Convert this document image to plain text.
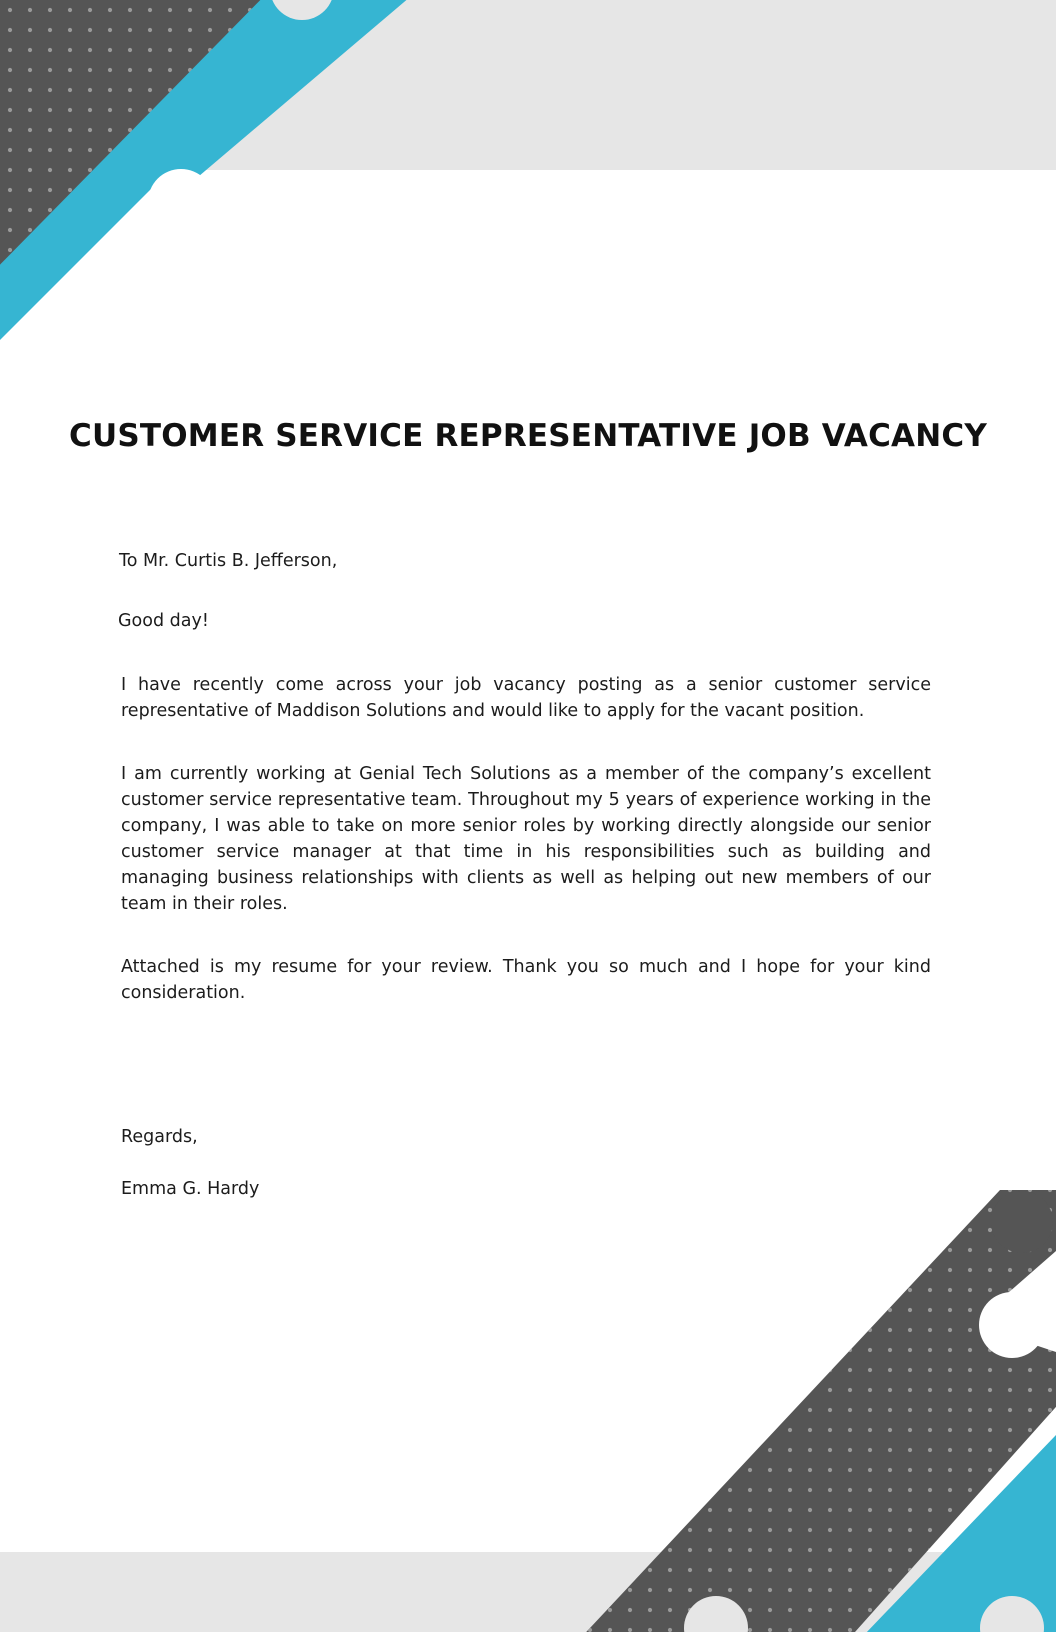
CUSTOMER SERVICE REPRESENTATIVE JOB VACANCY

To Mr. Curtis B. Jefferson,

Good day!

I have recently come across your job vacancy posting as a senior customer service representative of Maddison Solutions and would like to apply for the vacant position.

I am currently working at Genial Tech Solutions as a member of the company’s excellent customer service representative team. Throughout my 5 years of experience working in the company, I was able to take on more senior roles by working directly alongside our senior customer service manager at that time in his responsibilities such as building and managing business relationships with clients as well as helping out new members of our team in their roles.

Attached is my resume for your review. Thank you so much and I hope for your kind consideration.

Regards,

Emma G. Hardy
